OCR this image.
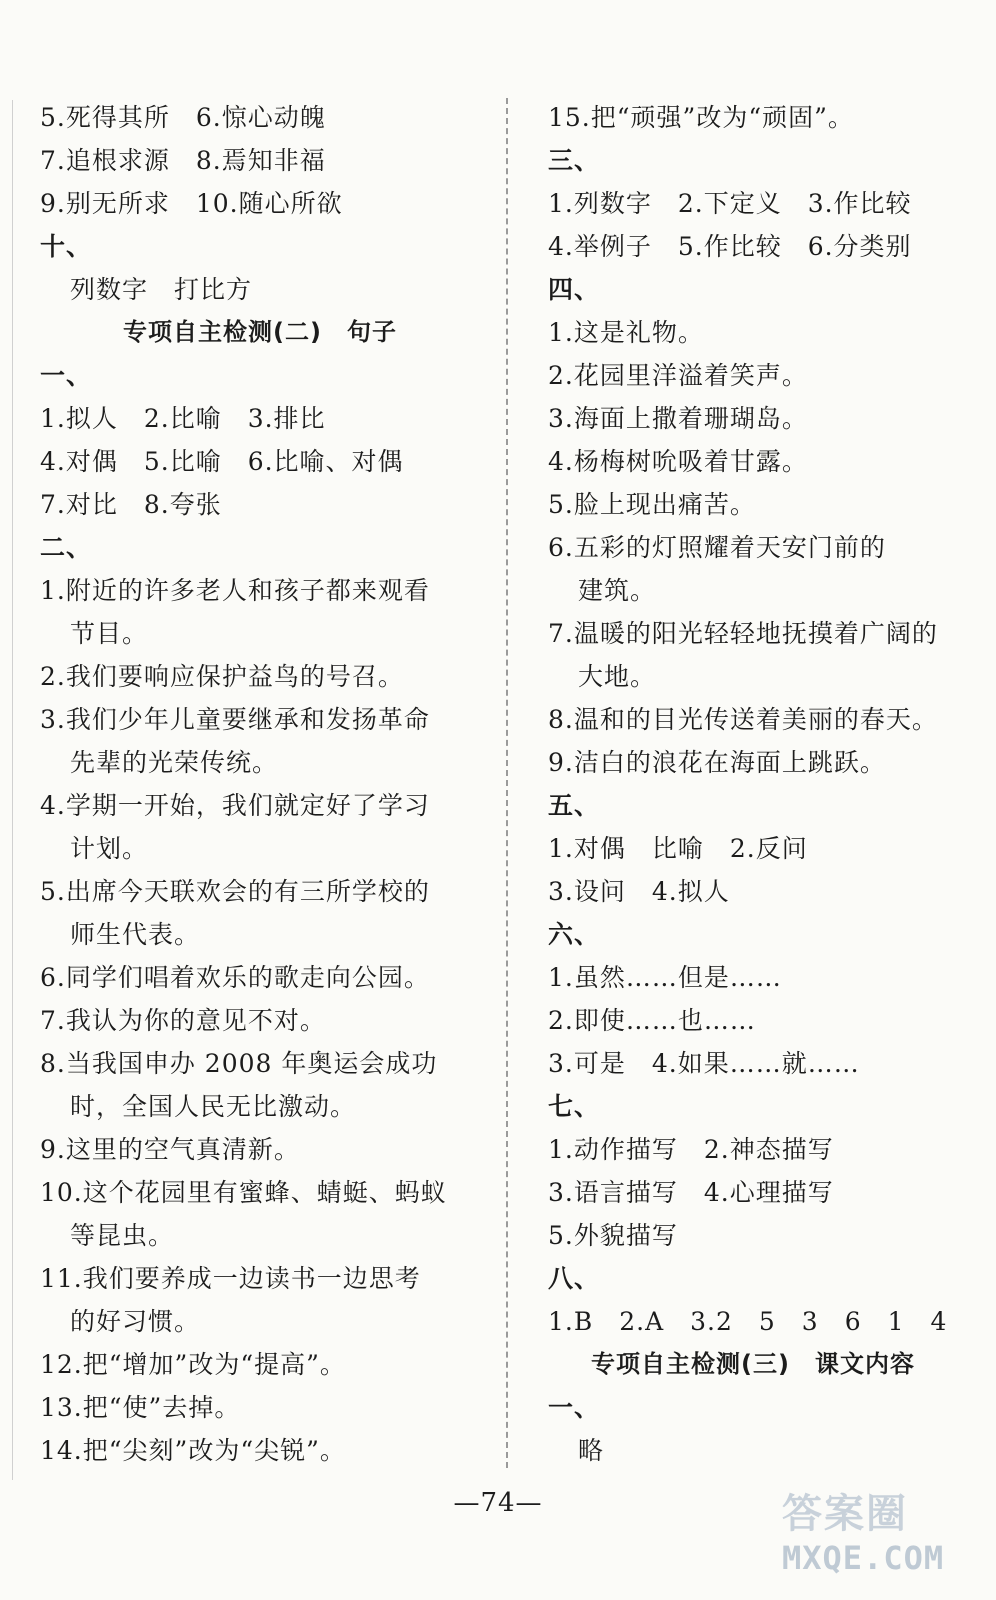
5.死得其所　6.惊心动魄
7.追根求源　8.焉知非福
9.别无所求　10.随心所欲
十、
列数字　打比方
专项自主检测(二)　句子
一、
1.拟人　2.比喻　3.排比
4.对偶　5.比喻　6.比喻、对偶
7.对比　8.夸张
二、
1.附近的许多老人和孩子都来观看
节目。
2.我们要响应保护益鸟的号召。
3.我们少年儿童要继承和发扬革命
先辈的光荣传统。
4.学期一开始，我们就定好了学习
计划。
5.出席今天联欢会的有三所学校的
师生代表。
6.同学们唱着欢乐的歌走向公园。
7.我认为你的意见不对。
8.当我国申办 2008 年奥运会成功
时，全国人民无比激动。
9.这里的空气真清新。
10.这个花园里有蜜蜂、蜻蜓、蚂蚁
等昆虫。
11.我们要养成一边读书一边思考
的好习惯。
12.把“增加”改为“提高”。
13.把“使”去掉。
14.把“尖刻”改为“尖锐”。
15.把“顽强”改为“顽固”。
三、
1.列数字　2.下定义　3.作比较
4.举例子　5.作比较　6.分类别
四、
1.这是礼物。
2.花园里洋溢着笑声。
3.海面上撒着珊瑚岛。
4.杨梅树吮吸着甘露。
5.脸上现出痛苦。
6.五彩的灯照耀着天安门前的
建筑。
7.温暖的阳光轻轻地抚摸着广阔的
大地。
8.温和的目光传送着美丽的春天。
9.洁白的浪花在海面上跳跃。
五、
1.对偶　比喻　2.反问
3.设问　4.拟人
六、
1.虽然……但是……
2.即使……也……
3.可是　4.如果……就……
七、
1.动作描写　2.神态描写
3.语言描写　4.心理描写
5.外貌描写
八、
1.B　2.A　3.2　5　3　6　1　4
专项自主检测(三)　课文内容
一、
略
—74—	答案圈
MXQE.COM
